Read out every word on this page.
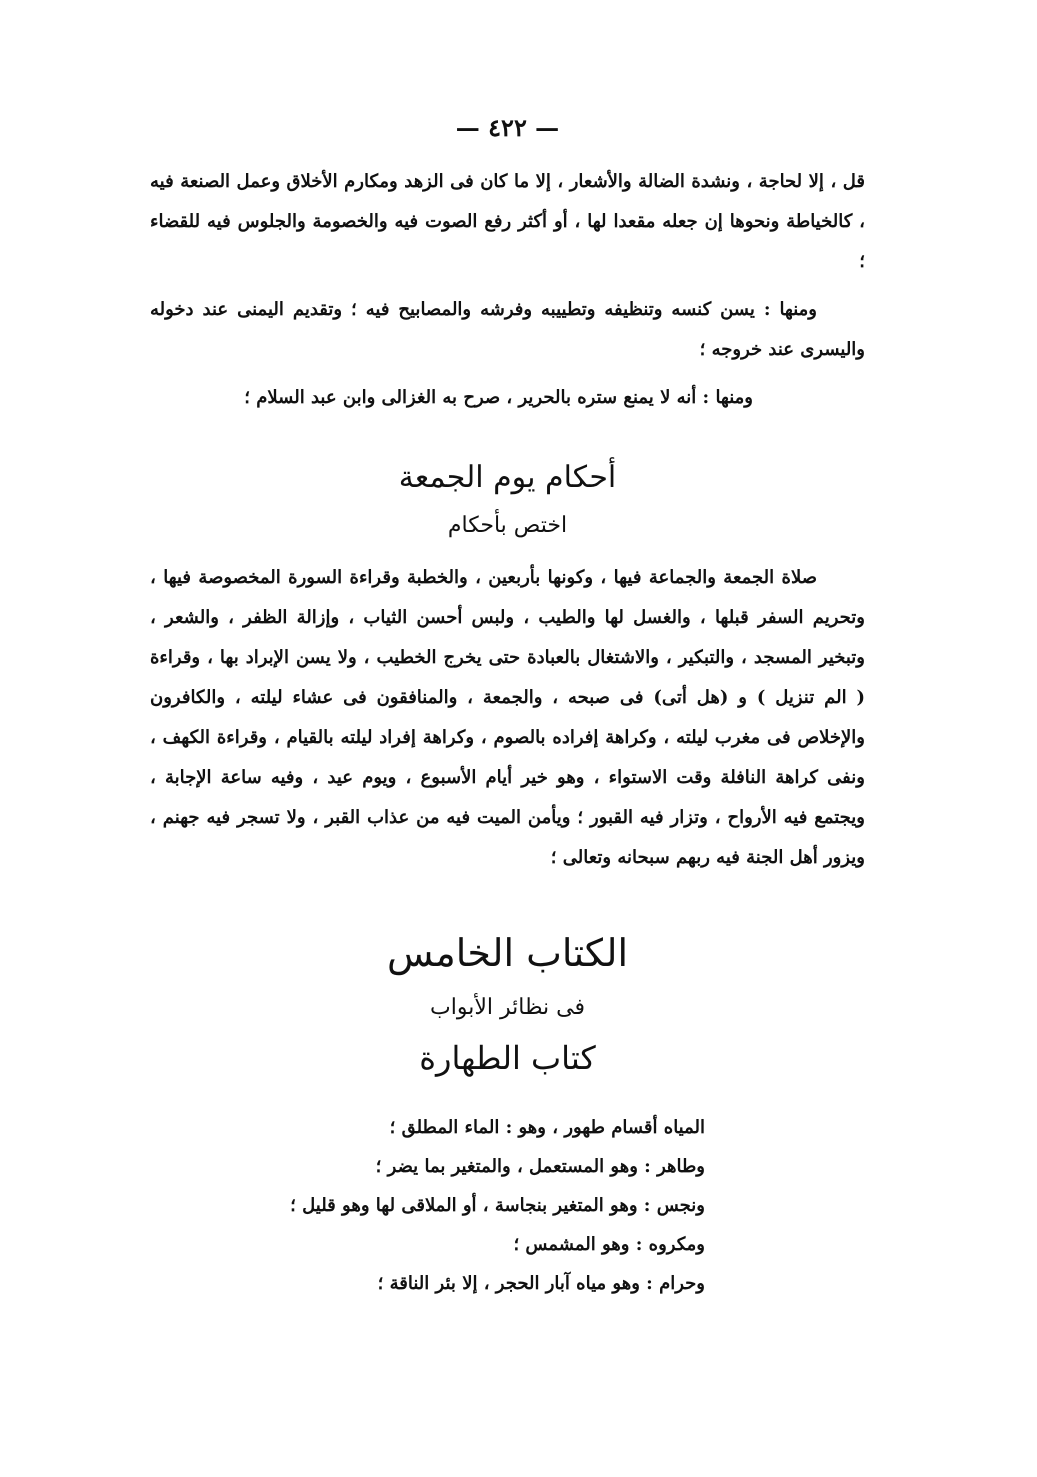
— ٤٢٢ —

قل ، إلا لحاجة ، ونشدة الضالة والأشعار ، إلا ما كان فى الزهد ومكارم الأخلاق وعمل الصنعة فيه ، كالخياطة ونحوها إن جعله مقعدا لها ، أو أكثر رفع الصوت فيه والخصومة والجلوس فيه للقضاء ؛

ومنها : يسن كنسه وتنظيفه وتطييبه وفرشه والمصابيح فيه ؛ وتقديم اليمنى عند دخوله واليسرى عند خروجه ؛

ومنها : أنه لا يمنع ستره بالحرير ، صرح به الغزالى وابن عبد السلام ؛

أحكام يوم الجمعة
اختص بأحكام

صلاة الجمعة والجماعة فيها ، وكونها بأربعين ، والخطبة وقراءة السورة المخصوصة فيها ، وتحريم السفر قبلها ، والغسل لها والطيب ، ولبس أحسن الثياب ، وإزالة الظفر ، والشعر ، وتبخير المسجد ، والتبكير ، والاشتغال بالعبادة حتى يخرج الخطيب ، ولا يسن الإبراد بها ، وقراءة ( الم تنزيل ) و (هل أتى) فى صبحه ، والجمعة ، والمنافقون فى عشاء ليلته ، والكافرون والإخلاص فى مغرب ليلته ، وكراهة إفراده بالصوم ، وكراهة إفراد ليلته بالقيام ، وقراءة الكهف ، ونفى كراهة النافلة وقت الاستواء ، وهو خير أيام الأسبوع ، ويوم عيد ، وفيه ساعة الإجابة ، ويجتمع فيه الأرواح ، وتزار فيه القبور ؛ ويأمن الميت فيه من عذاب القبر ، ولا تسجر فيه جهنم ، ويزور أهل الجنة فيه ربهم سبحانه وتعالى ؛

الكتاب الخامس
فى نظائر الأبواب
كتاب الطهارة
المياه أقسام طهور ، وهو : الماء المطلق ؛
وطاهر : وهو المستعمل ، والمتغير بما يضر ؛
ونجس : وهو المتغير بنجاسة ، أو الملاقى لها وهو قليل ؛
ومكروه : وهو المشمس ؛
وحرام : وهو مياه آبار الحجر ، إلا بئر الناقة ؛
